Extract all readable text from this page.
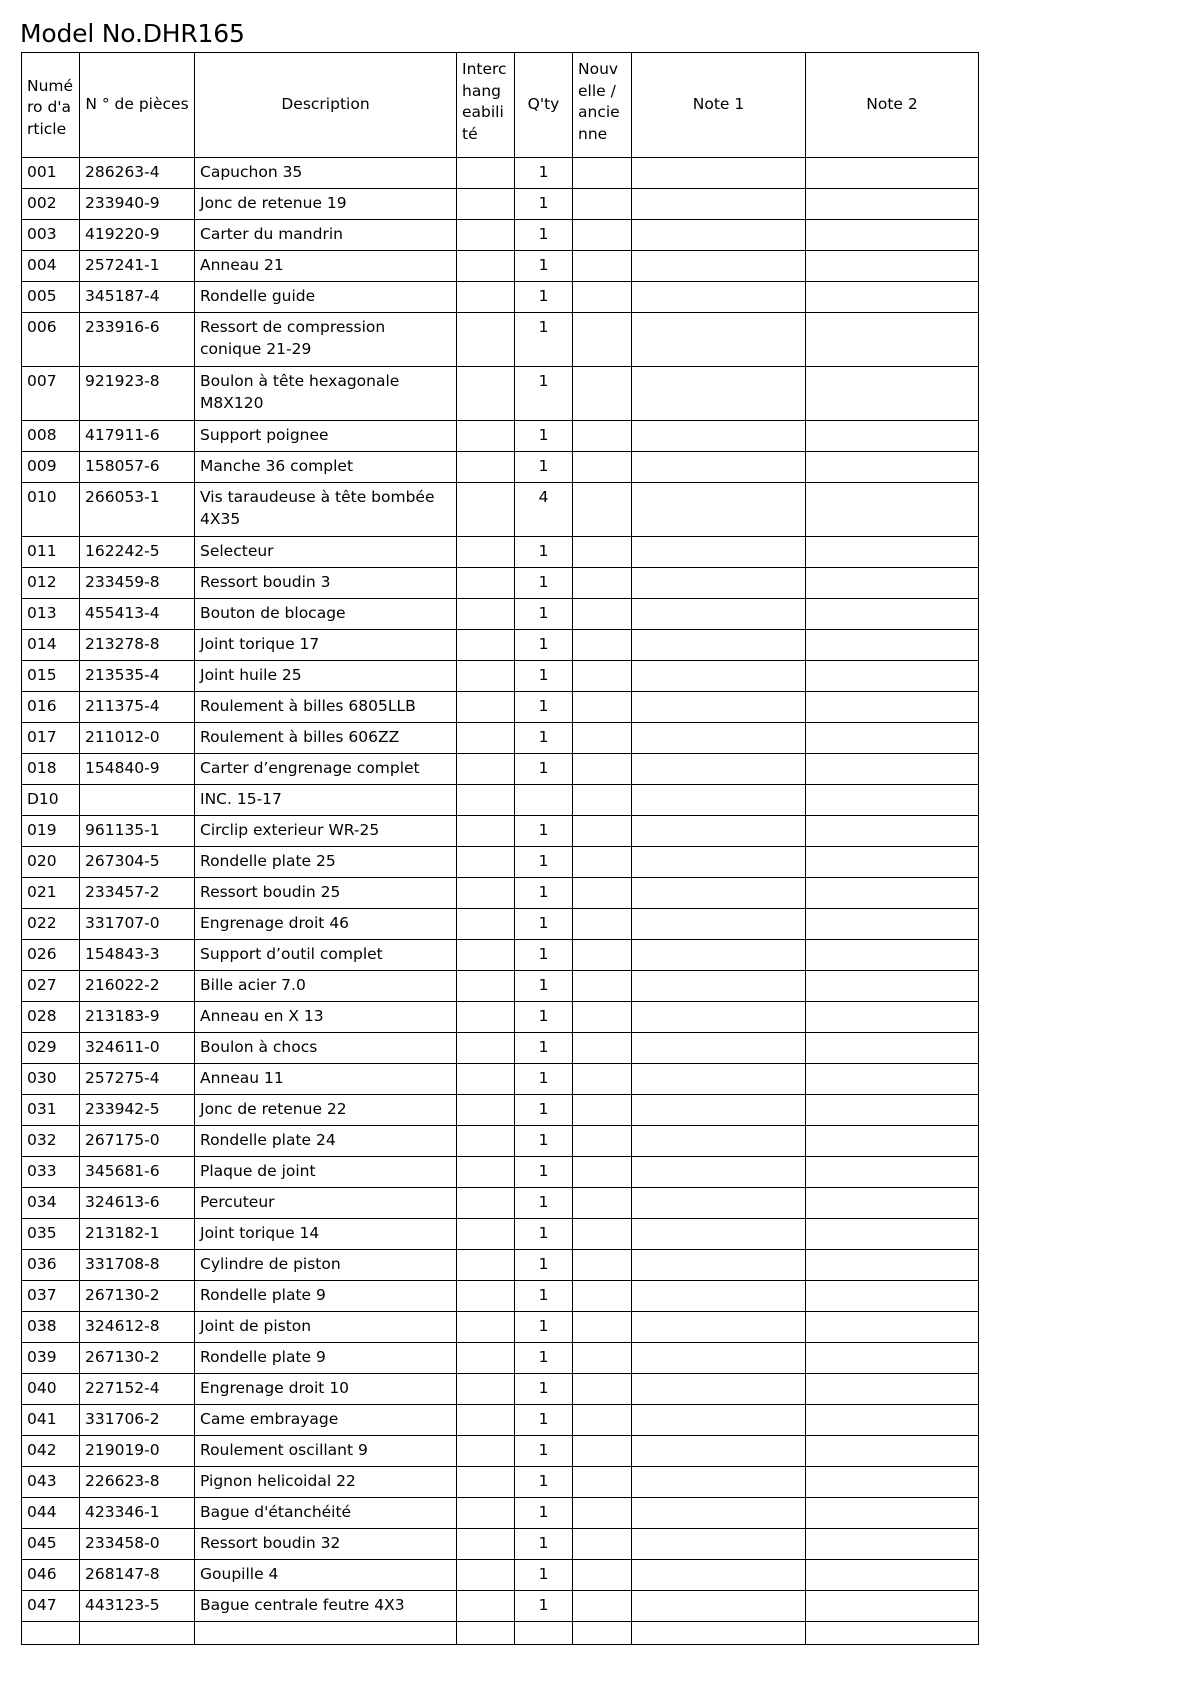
Model No.DHR165
Numéro d'article	N ° de pièces	Description	Interchangeabilité	Q'ty	Nouvelle / ancienne	Note 1	Note 2
001	286263-4	Capuchon 35		1			
002	233940-9	Jonc de retenue 19		1			
003	419220-9	Carter du mandrin		1			
004	257241-1	Anneau 21		1			
005	345187-4	Rondelle guide		1			
006	233916-6	Ressort de compression conique 21-29		1			
007	921923-8	Boulon à tête hexagonale M8X120		1			
008	417911-6	Support poignee		1			
009	158057-6	Manche 36 complet		1			
010	266053-1	Vis taraudeuse à tête bombée 4X35		4			
011	162242-5	Selecteur		1			
012	233459-8	Ressort boudin 3		1			
013	455413-4	Bouton de blocage		1			
014	213278-8	Joint torique 17		1			
015	213535-4	Joint huile 25		1			
016	211375-4	Roulement à billes 6805LLB		1			
017	211012-0	Roulement à billes 606ZZ		1			
018	154840-9	Carter d’engrenage complet		1			
D10		INC. 15-17					
019	961135-1	Circlip exterieur WR-25		1			
020	267304-5	Rondelle plate 25		1			
021	233457-2	Ressort boudin 25		1			
022	331707-0	Engrenage droit 46		1			
026	154843-3	Support d’outil complet		1			
027	216022-2	Bille acier 7.0		1			
028	213183-9	Anneau en X 13		1			
029	324611-0	Boulon à chocs		1			
030	257275-4	Anneau 11		1			
031	233942-5	Jonc de retenue 22		1			
032	267175-0	Rondelle plate 24		1			
033	345681-6	Plaque de joint		1			
034	324613-6	Percuteur		1			
035	213182-1	Joint torique 14		1			
036	331708-8	Cylindre de piston		1			
037	267130-2	Rondelle plate 9		1			
038	324612-8	Joint de piston		1			
039	267130-2	Rondelle plate 9		1			
040	227152-4	Engrenage droit 10		1			
041	331706-2	Came embrayage		1			
042	219019-0	Roulement oscillant 9		1			
043	226623-8	Pignon helicoidal 22		1			
044	423346-1	Bague d'étanchéité		1			
045	233458-0	Ressort boudin 32		1			
046	268147-8	Goupille 4		1			
047	443123-5	Bague centrale feutre 4X3		1			
